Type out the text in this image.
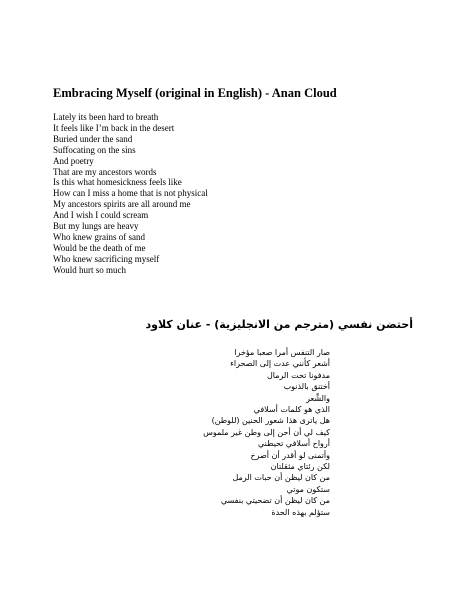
Embracing Myself (original in English) - Anan Cloud
Lately its been hard to breath
It feels like I’m back in the desert
Buried under the sand
Suffocating on the sins
And poetry
That are my ancestors words
Is this what homesickness feels like
How can I miss a home that is not physical
My ancestors spirits are all around me
And I wish I could scream
But my lungs are heavy
Who knew grains of sand
Would be the death of me
Who knew sacrificing myself
Would hurt so much
أحتضن نفسي (مترجم من الانجليزية) - عنان كلاود
صار التنفس أمرا صعبا مؤخرا
أشعر كأنني عدت إلى الصحراء
مدفونا تحت الرمال
أختنق بالذنوب
والشِّعر
الذي هو كلمات أسلافي
هل ياترى هذا شعور الحنين (للوطن)
كيف لي أن أحن إلى وطن غير ملموس
أرواح أسلافي تحيطني
وأتمنى لو أقدر أن أصرخ
لكن رئتاي مثقلتان
من كان ليظن أن حبات الرمل
ستكون موتي
من كان ليظن أن تضحيتي بنفسي
ستؤلم بهذه الحدة
